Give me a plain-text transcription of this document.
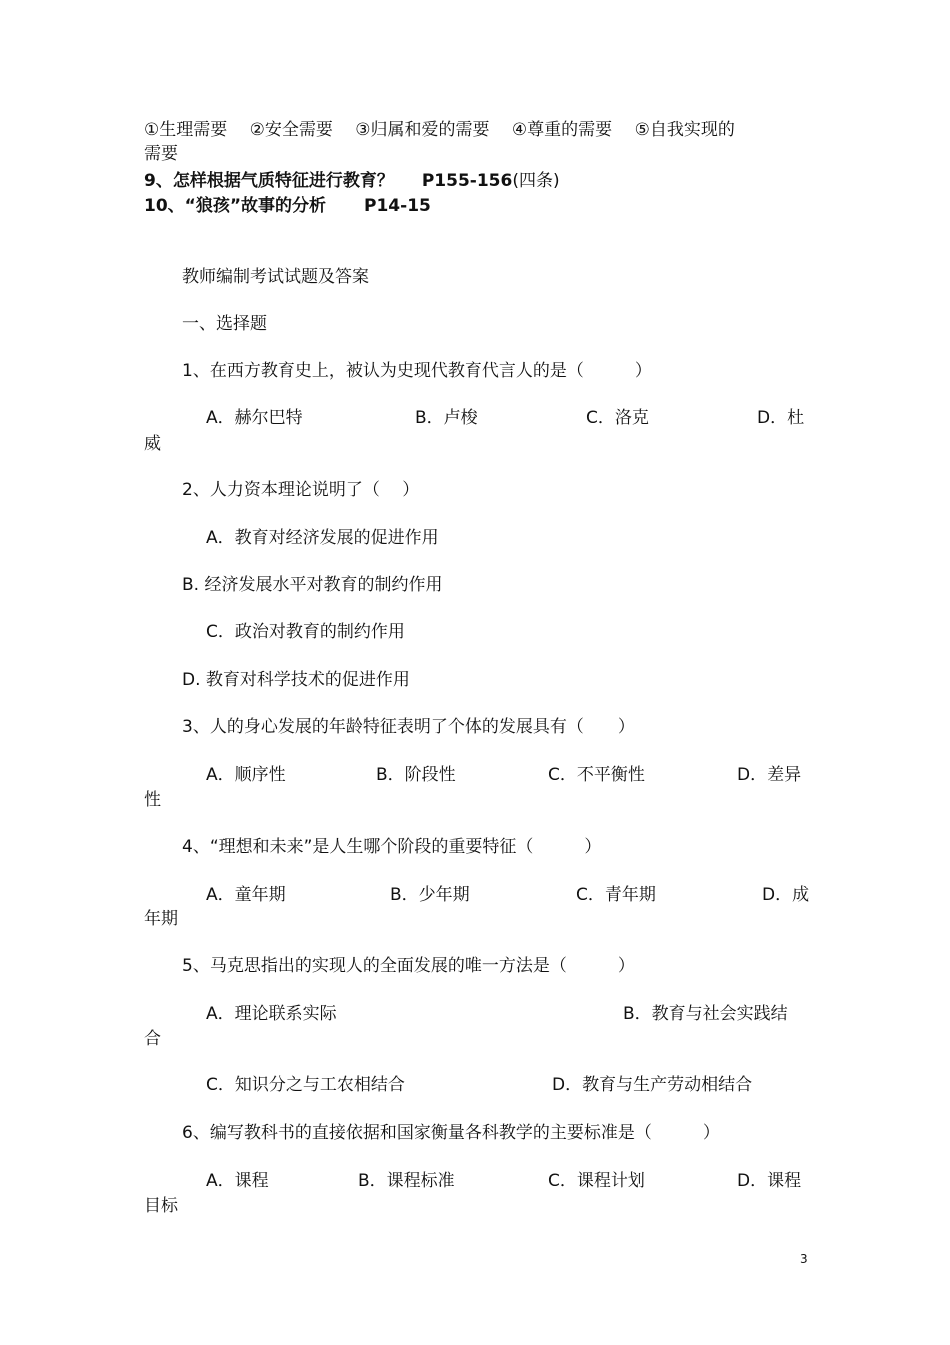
①生理需要　 ②安全需要　 ③归属和爱的需要　 ④尊重的需要　 ⑤自我实现的
需要
9、怎样根据气质特征进行教育？ P155-156(四条)
10、“狼孩”故事的分析 P14-15
教师编制考试试题及答案
一、选择题
1、在西方教育史上，被认为史现代教育代言人的是（　　　）
A．赫尔巴特	B．卢梭	C．洛克	D．杜
威
2、人力资本理论说明了（　 ）
A．教育对经济发展的促进作用
B. 经济发展水平对教育的制约作用
C．政治对教育的制约作用
D. 教育对科学技术的促进作用
3、人的身心发展的年龄特征表明了个体的发展具有（　　）
A．顺序性	B．阶段性	C．不平衡性	D．差异
性
4、“理想和未来”是人生哪个阶段的重要特征（　　　）
A．童年期	B．少年期	C．青年期	D．成
年期
5、马克思指出的实现人的全面发展的唯一方法是（　　　）
A．理论联系实际	B．教育与社会实践结
合
C．知识分之与工农相结合	D．教育与生产劳动相结合
6、编写教科书的直接依据和国家衡量各科教学的主要标准是（　　　）
A．课程	B．课程标准	C．课程计划	D．课程
目标
3
